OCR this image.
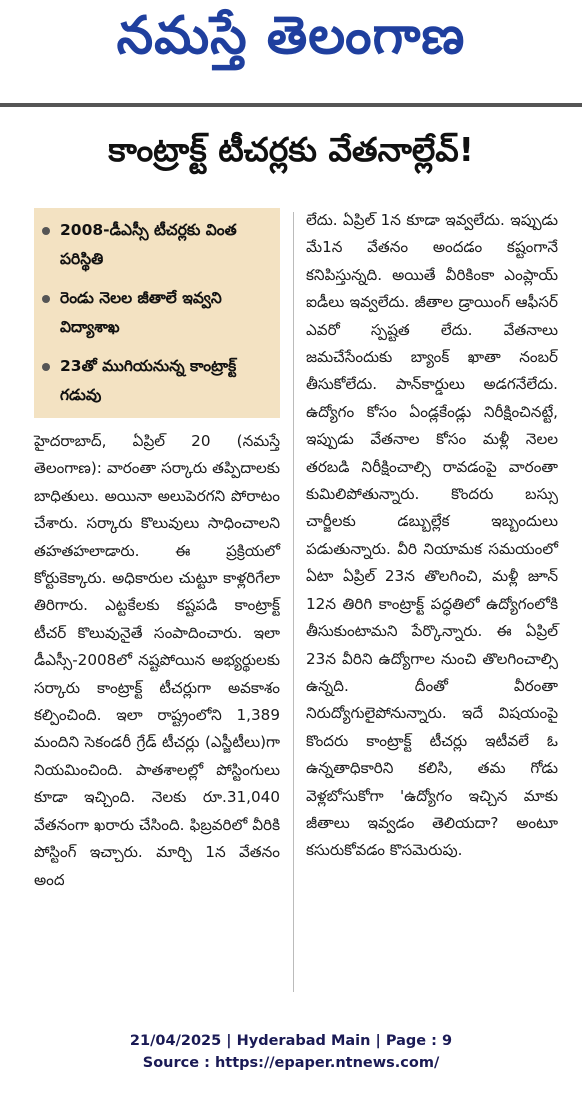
నమస్తే తెలంగాణ
కాంట్రాక్ట్ టీచర్లకు వేతనాల్లేవ్!
2008-డీఎస్సీ టీచర్లకు వింత పరిస్థితి
రెండు నెలల జీతాలే ఇవ్వని విద్యాశాఖ
23తో ముగియనున్న కాంట్రాక్ట్ గడువు

హైదరాబాద్, ఏప్రిల్ 20 (నమస్తే తెలంగాణ): వారంతా సర్కారు తప్పిదాలకు బాధితులు. అయినా అలుపెరగని పోరాటం చేశారు. సర్కారు కొలువులు సాధించాలని తహతహలాడారు. ఈ ప్రక్రియలో కోర్టుకెక్కారు. అధికారుల చుట్టూ కాళ్లరిగేలా తిరిగారు. ఎట్టకేలకు కష్టపడి కాంట్రాక్ట్ టీచర్ కొలువునైతే సంపాదించారు. ఇలా డీఎస్సీ-2008లో నష్టపోయిన అభ్యర్థులకు సర్కారు కాంట్రాక్ట్ టీచర్లుగా అవకాశం కల్పించింది. ఇలా రాష్ట్రంలోని 1,389 మందిని సెకండరీ గ్రేడ్ టీచర్లు (ఎస్జీటీలు)గా నియమించింది. పాతశాలల్లో పోస్టింగులు కూడా ఇచ్చింది. నెలకు రూ.31,040 వేతనంగా ఖరారు చేసింది. ఫిబ్రవరిలో వీరికి పోస్టింగ్ ఇచ్చారు. మార్చి 1న వేతనం అంద

లేదు. ఏప్రిల్ 1న కూడా ఇవ్వలేదు. ఇప్పుడు మే1న వేతనం అందడం కష్టంగానే కనిపిస్తున్నది. అయితే వీరికింకా ఎంప్లాయ్ ఐడీలు ఇవ్వలేదు. జీతాల డ్రాయింగ్ ఆఫీసర్ ఎవరో స్పష్టత లేదు. వేతనాలు జమచేసేందుకు బ్యాంక్ ఖాతా నంబర్ తీసుకోలేదు. పాన్‌కార్డులు అడగనేలేదు. ఉద్యోగం కోసం ఏండ్లకేండ్లు నిరీక్షించినట్టే, ఇప్పుడు వేతనాల కోసం మళ్లీ నెలల తరబడి నిరీక్షించాల్సి రావడంపై వారంతా కుమిలిపోతున్నారు. కొందరు బస్సు చార్జీలకు డబ్బుల్లేక ఇబ్బందులు పడుతున్నారు. వీరి నియామక సమయంలో ఏటా ఏప్రిల్ 23న తొలగించి, మళ్లీ జూన్ 12న తిరిగి కాంట్రాక్ట్ పద్ధతిలో ఉద్యోగంలోకి తీసుకుంటామని పేర్కొన్నారు. ఈ ఏప్రిల్ 23న వీరిని ఉద్యోగాల నుంచి తొలగించాల్సి ఉన్నది. దీంతో వీరంతా నిరుద్యోగులైపోనున్నారు. ఇదే విషయంపై కొందరు కాంట్రాక్ట్ టీచర్లు ఇటీవలే ఓ ఉన్నతాధికారిని కలిసి, తమ గోడు వెళ్లబోసుకోగా 'ఉద్యోగం ఇచ్చిన మాకు జీతాలు ఇవ్వడం తెలియదా? అంటూ కసురుకోవడం కొసమెరుపు.

21/04/2025 | Hyderabad Main | Page : 9
Source : https://epaper.ntnews.com/
